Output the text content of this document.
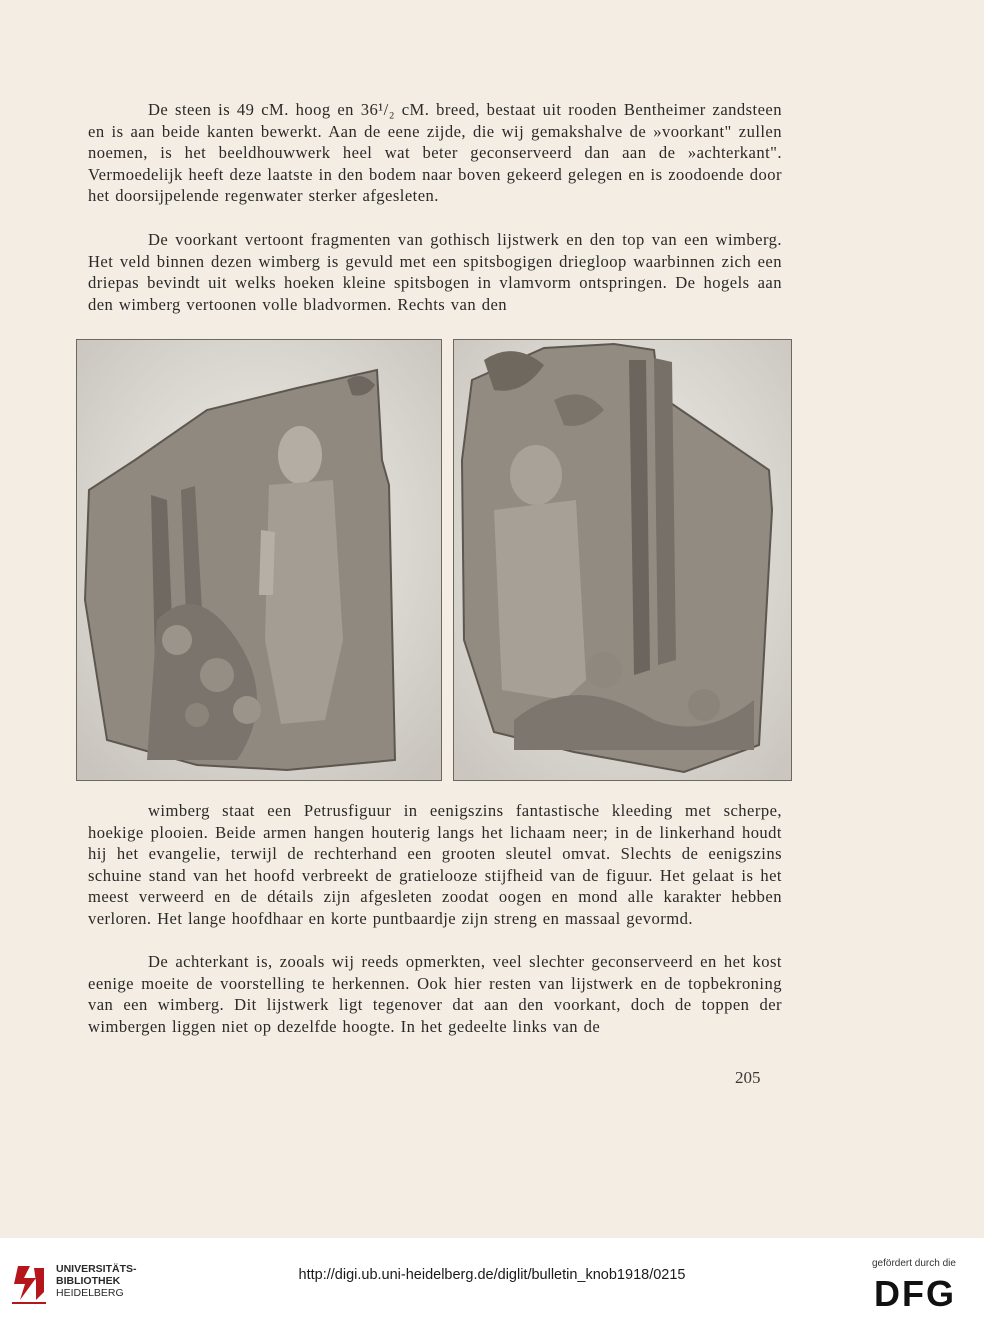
De steen is 49 cM. hoog en 36¹/₂ cM. breed, bestaat uit rooden Bentheimer zandsteen en is aan beide kanten bewerkt. Aan de eene zijde, die wij gemakshalve de »voorkant" zullen noemen, is het beeldhouwwerk heel wat beter geconserveerd dan aan de »achterkant". Vermoedelijk heeft deze laatste in den bodem naar boven gekeerd gelegen en is zoodoende door het doorsijpelende regenwater sterker afgesleten.

De voorkant vertoont fragmenten van gothisch lijstwerk en den top van een wimberg. Het veld binnen dezen wimberg is gevuld met een spitsbogigen driegloop waarbinnen zich een driepas bevindt uit welks hoeken kleine spitsbogen in vlamvorm ontspringen. De hogels aan den wimberg vertoonen volle bladvormen. Rechts van den

wimberg staat een Petrusfiguur in eenigszins fantastische kleeding met scherpe, hoekige plooien. Beide armen hangen houterig langs het lichaam neer; in de linkerhand houdt hij het evangelie, terwijl de rechterhand een grooten sleutel omvat. Slechts de eenigszins schuine stand van het hoofd verbreekt de gratielooze stijfheid van de figuur. Het gelaat is het meest verweerd en de détails zijn afgesleten zoodat oogen en mond alle karakter hebben verloren. Het lange hoofdhaar en korte puntbaardje zijn streng en massaal gevormd.

De achterkant is, zooals wij reeds opmerkten, veel slechter geconserveerd en het kost eenige moeite de voorstelling te herkennen. Ook hier resten van lijstwerk en de topbekroning van een wimberg. Dit lijstwerk ligt tegenover dat aan den voorkant, doch de toppen der wimbergen liggen niet op dezelfde hoogte. In het gedeelte links van de

205
UNIVERSITÄTS-
BIBLIOTHEK
HEIDELBERG
http://digi.ub.uni-heidelberg.de/diglit/bulletin_knob1918/0215
gefördert durch die
DFG
